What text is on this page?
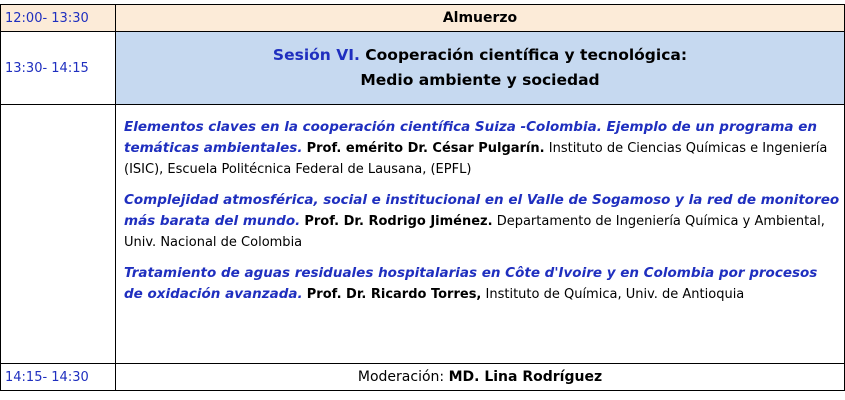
12:00- 13:30	Almuerzo
13:30- 14:15	Sesión VI. Cooperación científica y tecnológica:
Medio ambiente y sociedad

	Elementos claves en la cooperación científica Suiza -Colombia. Ejemplo de un programa en temáticas ambientales. Prof. emérito Dr. César Pulgarín. Instituto de Ciencias Químicas e Ingeniería (ISIC), Escuela Politécnica Federal de Lausana, (EPFL)
Complejidad atmosférica, social e institucional en el Valle de Sogamoso y la red de monitoreo más barata del mundo. Prof. Dr. Rodrigo Jiménez. Departamento de Ingeniería Química y Ambiental, Univ. Nacional de Colombia
Tratamiento de aguas residuales hospitalarias en Côte d'Ivoire y en Colombia por procesos de oxidación avanzada. Prof. Dr. Ricardo Torres, Instituto de Química, Univ. de Antioquia

14:15- 14:30	Moderación: MD. Lina Rodríguez
